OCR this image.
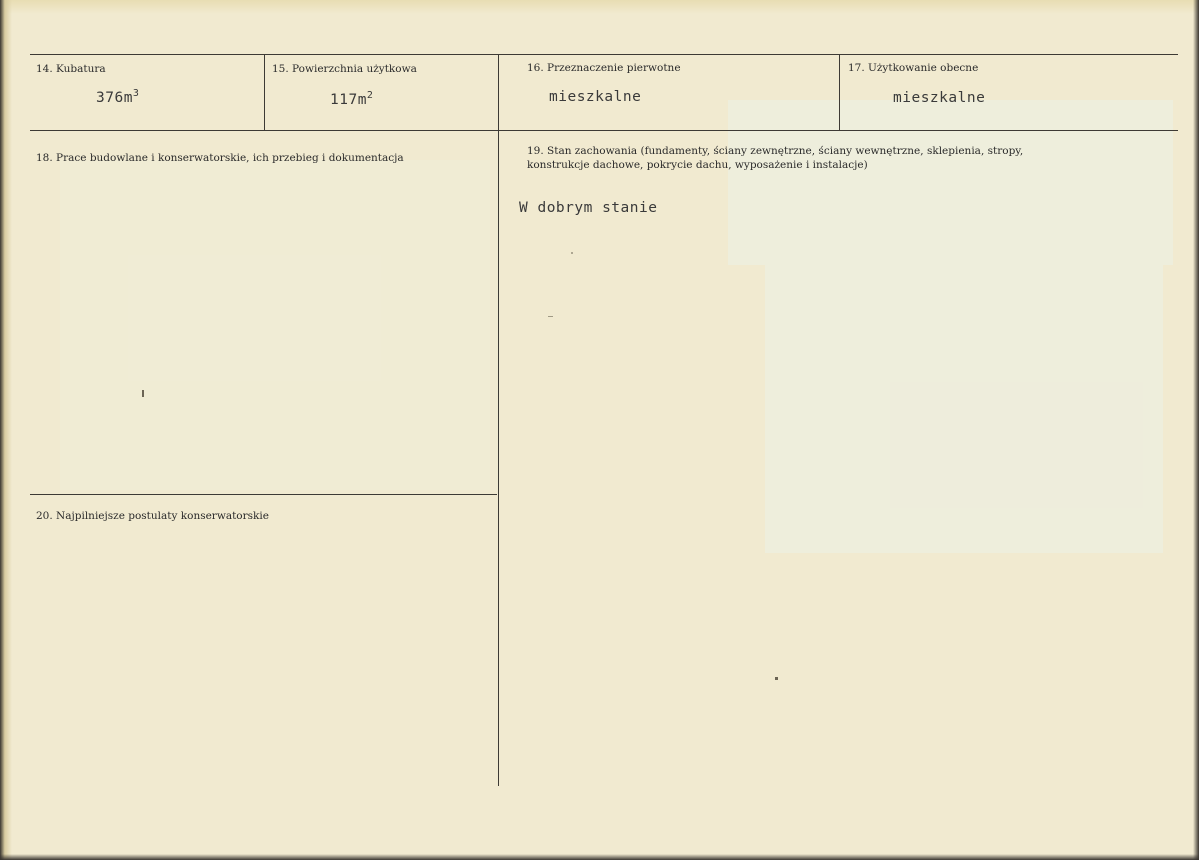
14. Kubatura
$376m^3$
15. Powierzchnia użytkowa
$117m^2$
16. Przeznaczenie pierwotne
mieszkalne
17. Użytkowanie obecne
mieszkalne
18. Prace budowlane i konserwatorskie, ich przebieg i dokumentacja
19. Stan zachowania (fundamenty, ściany zewnętrzne, ściany wewnętrzne, sklepienia, stropy, konstrukcje dachowe, pokrycie dachu, wyposażenie i instalacje)
W dobrym stanie
20. Najpilniejsze postulaty konserwatorskie
